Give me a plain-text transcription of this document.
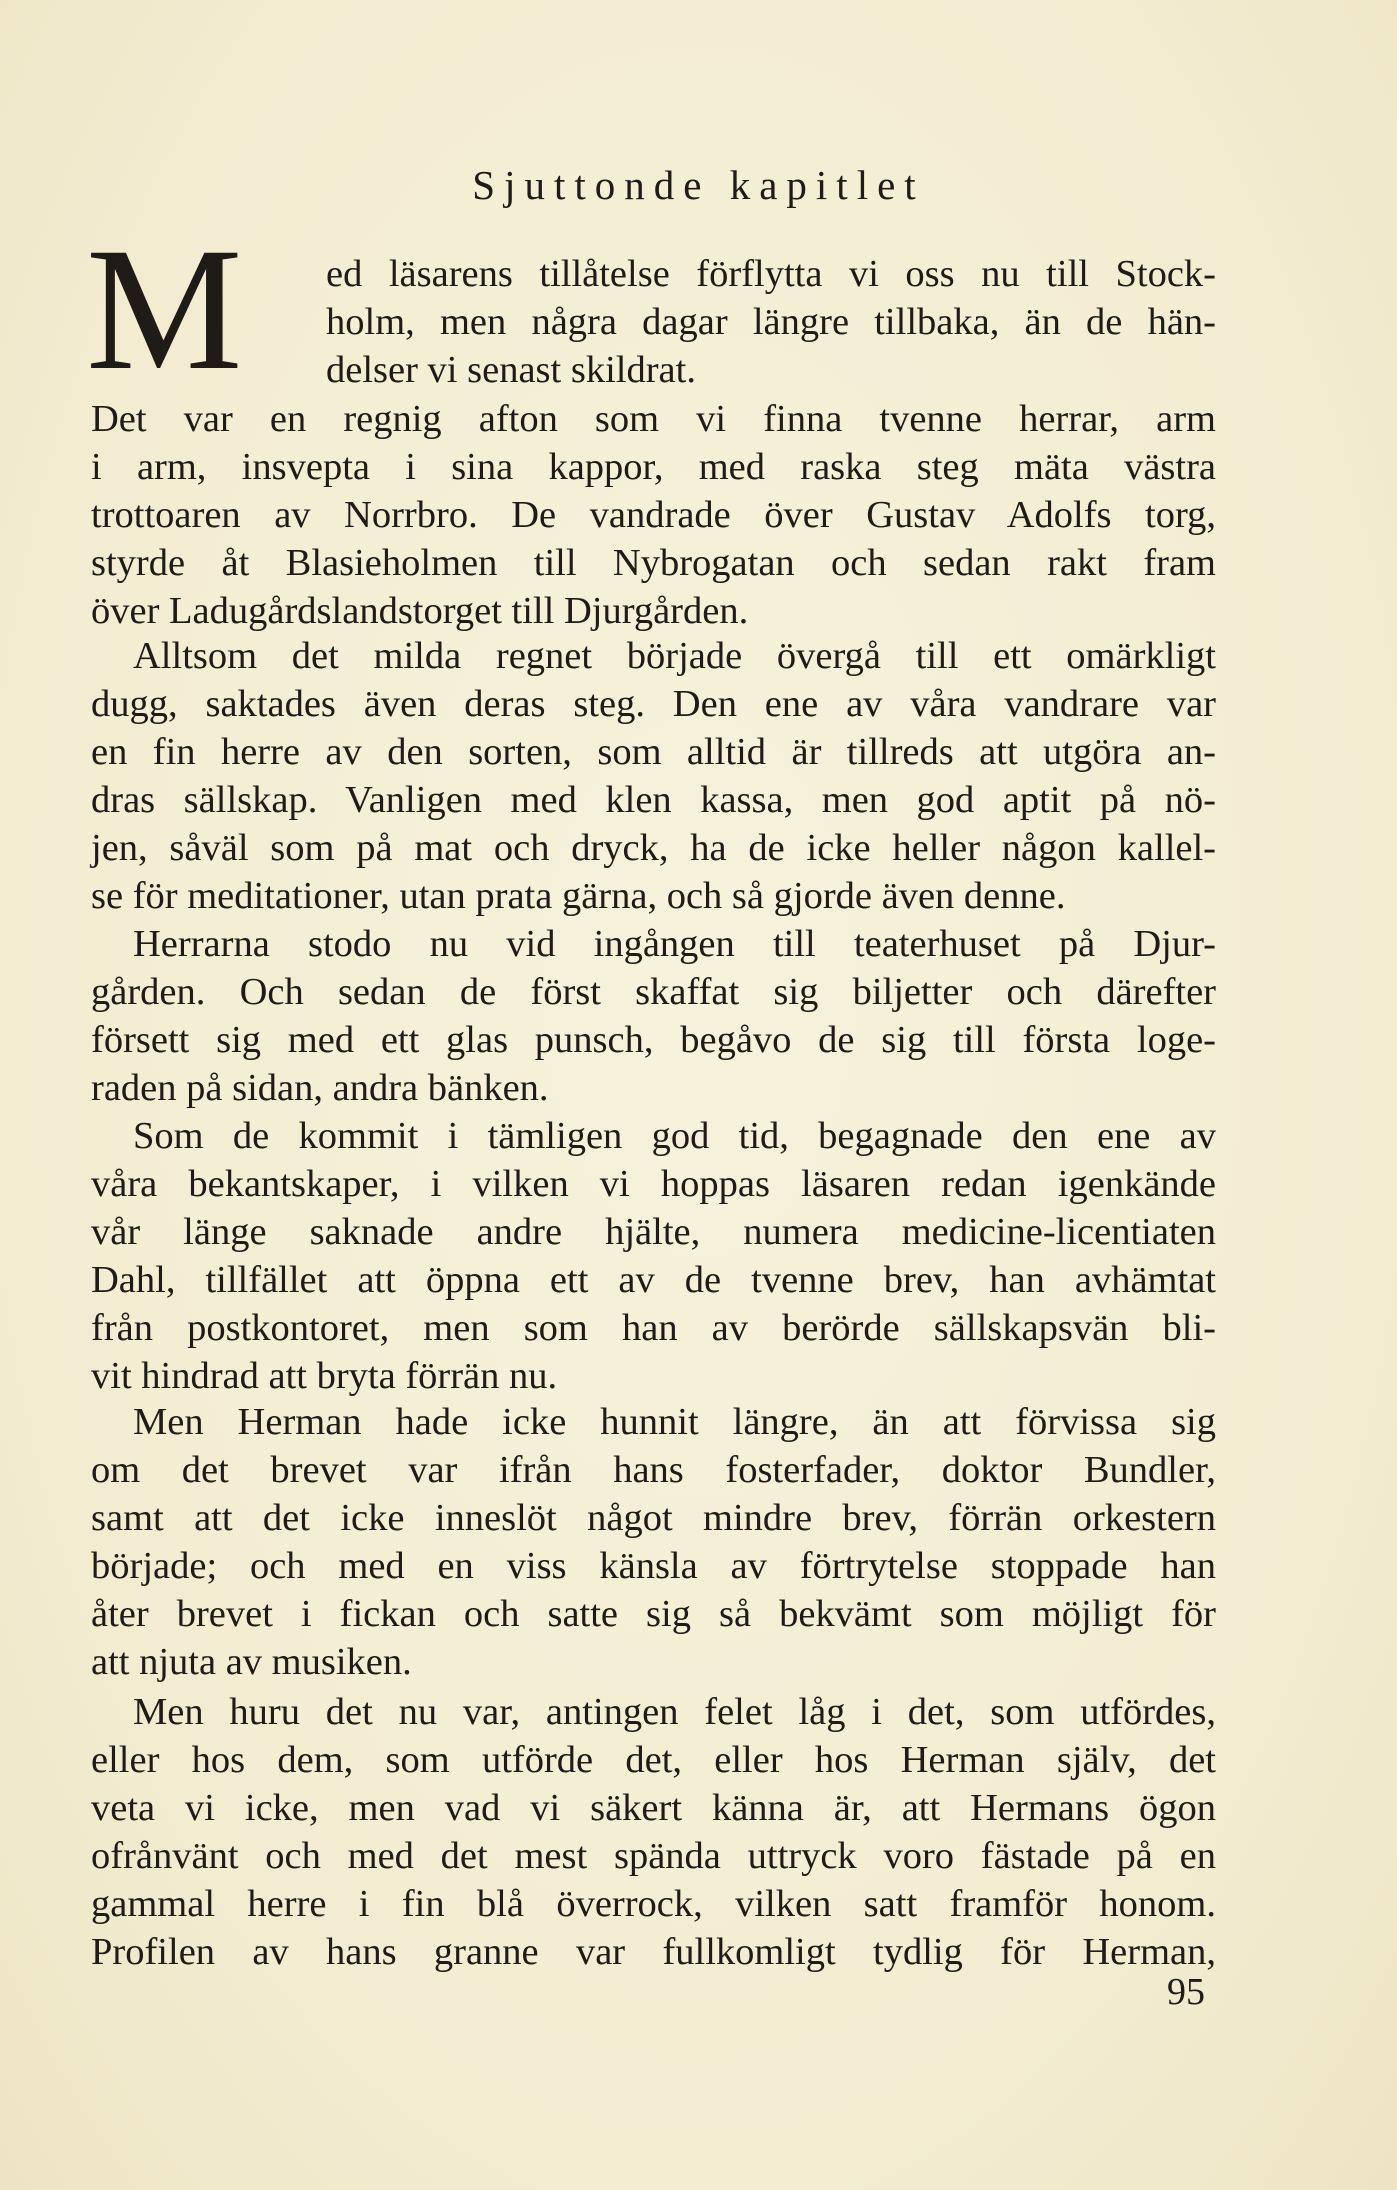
Sjuttonde kapitlet
M ed läsarens tillåtelse förflytta vi oss nu till Stock-
holm, men några dagar längre tillbaka, än de hän-
delser vi senast skildrat.
Det var en regnig afton som vi finna tvenne herrar, arm
i arm, insvepta i sina kappor, med raska steg mäta västra
trottoaren av Norrbro. De vandrade över Gustav Adolfs torg,
styrde åt Blasieholmen till Nybrogatan och sedan rakt fram
över Ladugårdslandstorget till Djurgården.
Alltsom det milda regnet började övergå till ett omärkligt
dugg, saktades även deras steg. Den ene av våra vandrare var
en fin herre av den sorten, som alltid är tillreds att utgöra an-
dras sällskap. Vanligen med klen kassa, men god aptit på nö-
jen, såväl som på mat och dryck, ha de icke heller någon kallel-
se för meditationer, utan prata gärna, och så gjorde även denne.
Herrarna stodo nu vid ingången till teaterhuset på Djur-
gården. Och sedan de först skaffat sig biljetter och därefter
försett sig med ett glas punsch, begåvo de sig till första loge-
raden på sidan, andra bänken.
Som de kommit i tämligen god tid, begagnade den ene av
våra bekantskaper, i vilken vi hoppas läsaren redan igenkände
vår länge saknade andre hjälte, numera medicine-licentiaten
Dahl, tillfället att öppna ett av de tvenne brev, han avhämtat
från postkontoret, men som han av berörde sällskapsvän bli-
vit hindrad att bryta förrän nu.
Men Herman hade icke hunnit längre, än att förvissa sig
om det brevet var ifrån hans fosterfader, doktor Bundler,
samt att det icke inneslöt något mindre brev, förrän orkestern
började; och med en viss känsla av förtrytelse stoppade han
åter brevet i fickan och satte sig så bekvämt som möjligt för
att njuta av musiken.
Men huru det nu var, antingen felet låg i det, som utfördes,
eller hos dem, som utförde det, eller hos Herman själv, det
veta vi icke, men vad vi säkert känna är, att Hermans ögon
ofrånvänt och med det mest spända uttryck voro fästade på en
gammal herre i fin blå överrock, vilken satt framför honom.
Profilen av hans granne var fullkomligt tydlig för Herman,
95
